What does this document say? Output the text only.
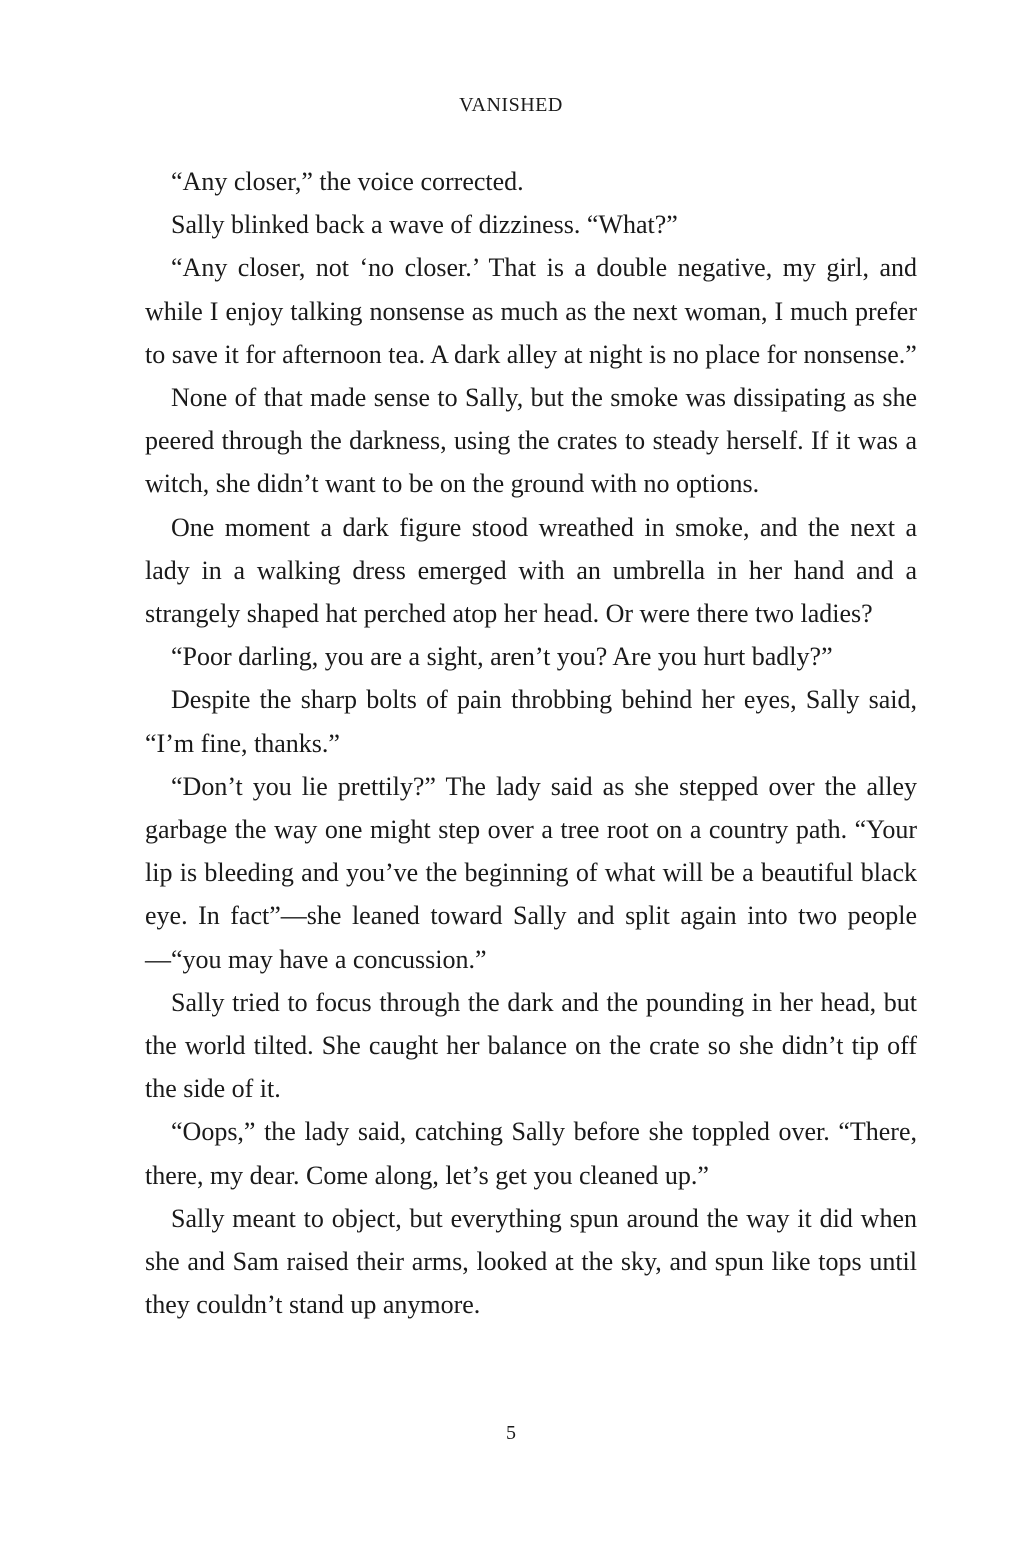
VANISHED

“Any closer,” the voice corrected.

Sally blinked back a wave of dizziness. “What?”

“Any closer, not ‘no closer.’ That is a double negative, my girl, and while I enjoy talking nonsense as much as the next woman, I much prefer to save it for afternoon tea. A dark alley at night is no place for nonsense.”

None of that made sense to Sally, but the smoke was dissipating as she peered through the darkness, using the crates to steady herself. If it was a witch, she didn’t want to be on the ground with no options.

One moment a dark figure stood wreathed in smoke, and the next a lady in a walking dress emerged with an umbrella in her hand and a strangely shaped hat perched atop her head. Or were there two ladies?

“Poor darling, you are a sight, aren’t you? Are you hurt badly?”

Despite the sharp bolts of pain throbbing behind her eyes, Sally said, “I’m fine, thanks.”

“Don’t you lie prettily?” The lady said as she stepped over the alley garbage the way one might step over a tree root on a country path. “Your lip is bleeding and you’ve the beginning of what will be a beautiful black eye. In fact”—she leaned toward Sally and split again into two people—“you may have a concussion.”

Sally tried to focus through the dark and the pounding in her head, but the world tilted. She caught her balance on the crate so she didn’t tip off the side of it.

“Oops,” the lady said, catching Sally before she toppled over. “There, there, my dear. Come along, let’s get you cleaned up.”

Sally meant to object, but everything spun around the way it did when she and Sam raised their arms, looked at the sky, and spun like tops until they couldn’t stand up anymore.

5
